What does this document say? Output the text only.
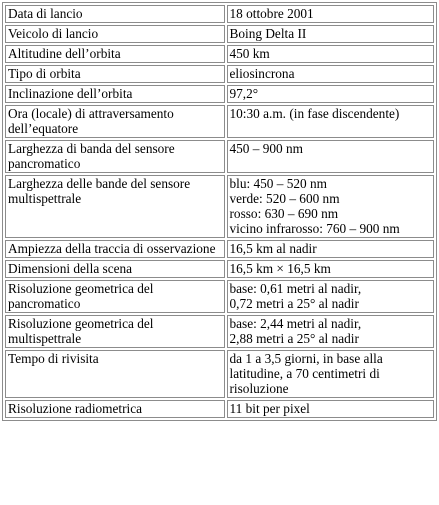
Data di lancio	18 ottobre 2001

Veicolo di lancio	Boing Delta II

Altitudine dell’orbita	450 km

Tipo di orbita	eliosincrona

Inclinazione dell’orbita	97,2°

Ora (locale) di attraversamento dell’equatore	10:30 a.m. (in fase discendente)

Larghezza di banda del sensore pancromatico	450 – 900 nm

Larghezza delle bande del sensore multispettrale	blu: 450 – 520 nm
verde: 520 – 600 nm
rosso: 630 – 690 nm
vicino infrarosso: 760 – 900 nm

Ampiezza della traccia di osservazione	16,5 km al nadir

Dimensioni della scena	16,5 km × 16,5 km

Risoluzione geometrica del pancromatico	base: 0,61 metri al nadir,
0,72 metri a 25° al nadir

Risoluzione geometrica del multispettrale	base: 2,44 metri al nadir,
2,88 metri a 25° al nadir

Tempo di rivisita	da 1 a 3,5 giorni, in base alla latitudine, a 70 centimetri di risoluzione

Risoluzione radiometrica	11 bit per pixel
